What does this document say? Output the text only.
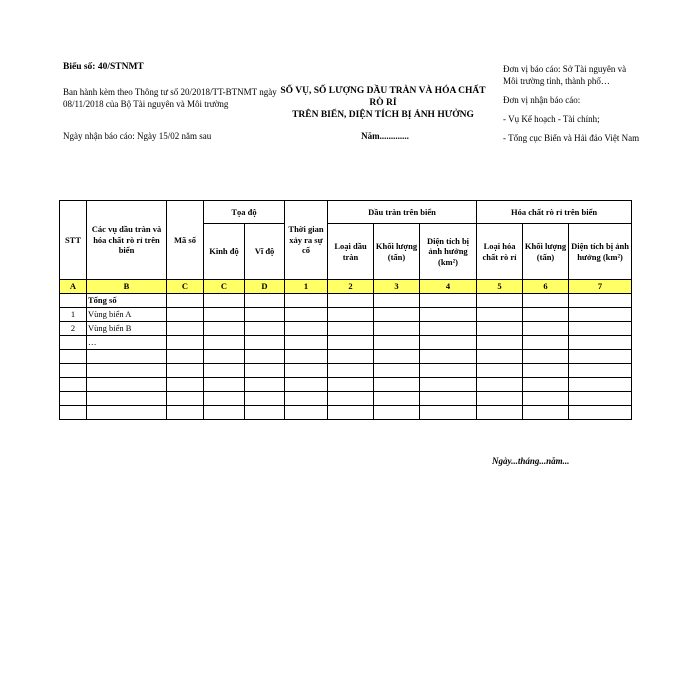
Biểu số: 40/STNMT
Ban hành kèm theo Thông tư số 20/2018/TT-BTNMT ngày 08/11/2018 của Bộ Tài nguyên và Môi trường
Ngày nhận báo cáo: Ngày 15/02 năm sau
SỐ VỤ, SỐ LƯỢNG DẦU TRÀN VÀ HÓA CHẤT RÒ RỈ
TRÊN BIỂN, DIỆN TÍCH BỊ ẢNH HƯỞNG
Năm.............
Đơn vị báo cáo: Sở Tài nguyên và Môi trường tỉnh, thành phố…
Đơn vị nhận báo cáo:
- Vụ Kế hoạch - Tài chính;
- Tổng cục Biển và Hải đảo Việt Nam
STT	Các vụ dầu tràn và hóa chất rò rỉ trên biển	Mã số	Tọa độ		Thời gian xảy ra sự cố	Dầu tràn trên biển			Hóa chất rò rỉ trên biển		
			Kinh độ	Vĩ độ		Loại dầu tràn	Khối lượng (tấn)	Diện tích bị ảnh hưởng (km²)	Loại hóa chất rò rỉ	Khối lượng (tấn)	Diện tích bị ảnh hưởng (km²)
A	B	C	C	D	1	2	3	4	5	6	7
	Tổng số										
1	Vùng biển A										
2	Vùng biển B										
	…										

Ngày...tháng...năm...
